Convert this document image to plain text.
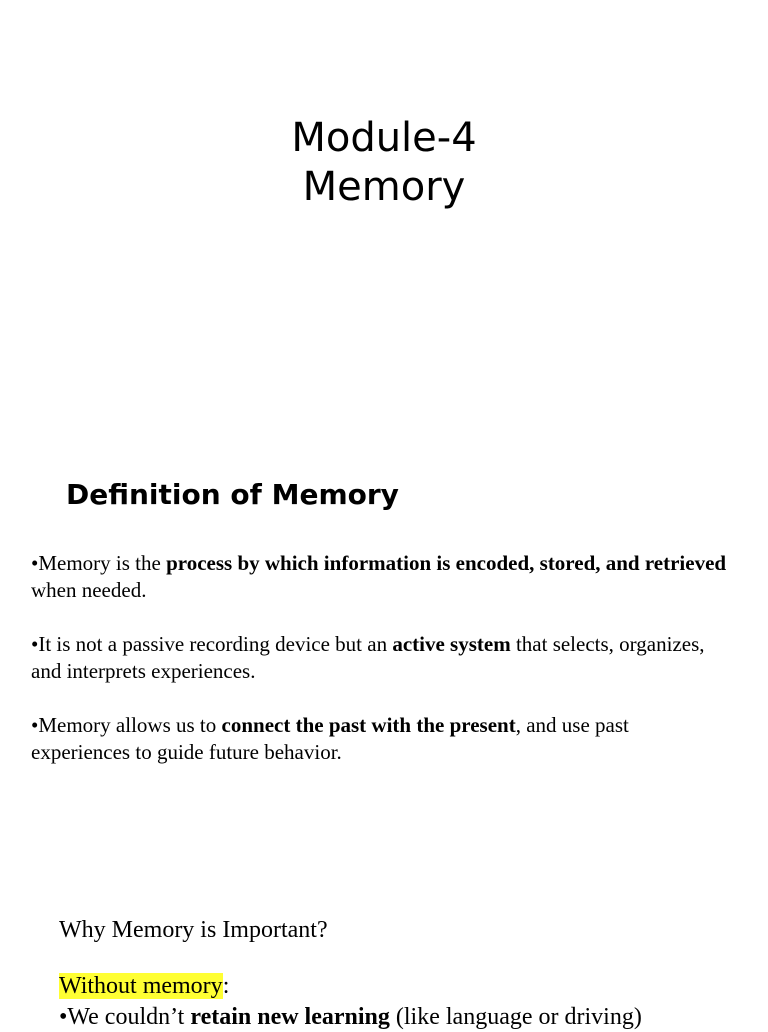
Module-4
Memory
Definition of Memory
•Memory is the process by which information is encoded, stored, and retrieved when needed.
•It is not a passive recording device but an active system that selects, organizes, and interprets experiences.
•Memory allows us to connect the past with the present, and use past experiences to guide future behavior.
Why Memory is Important?
Without memory:
•We couldn’t retain new learning (like language or driving)
